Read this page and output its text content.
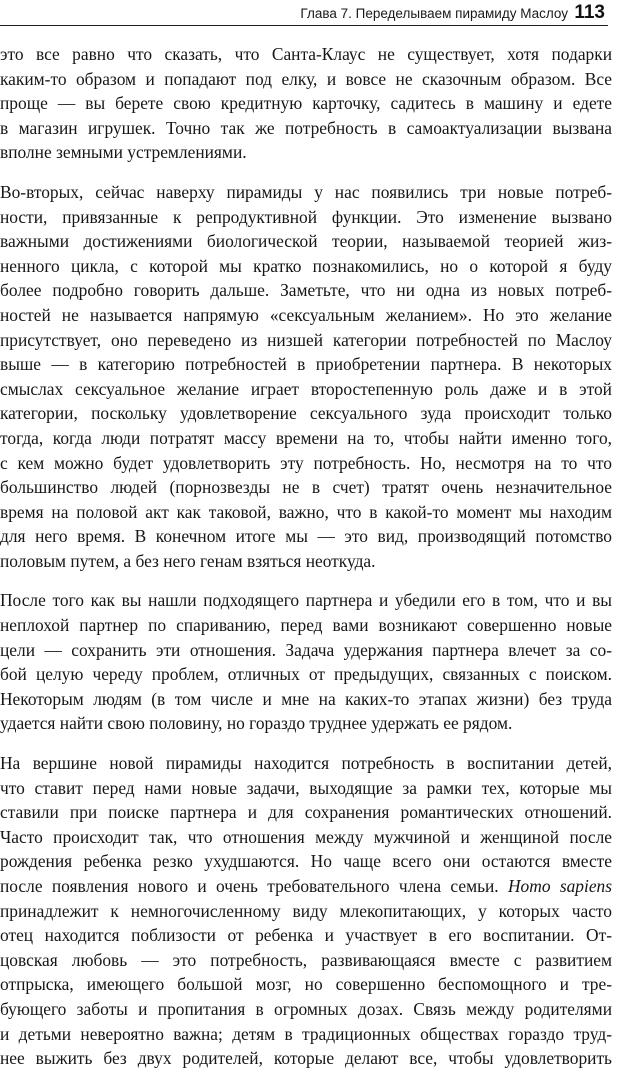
Глава 7. Переделываем пирамиду Маслоу 113

это все равно что сказать, что Санта-Клаус не существует, хотя подарки
каким-то образом и попадают под елку, и вовсе не сказочным образом. Все
проще — вы берете свою кредитную карточку, садитесь в машину и едете
в магазин игрушек. Точно так же потребность в самоактуализации вызвана
вполне земными устремлениями.

Во-вторых, сейчас наверху пирамиды у нас появились три новые потреб-
ности, привязанные к репродуктивной функции. Это изменение вызвано
важными достижениями биологической теории, называемой теорией жиз-
ненного цикла, с которой мы кратко познакомились, но о которой я буду
более подробно говорить дальше. Заметьте, что ни одна из новых потреб-
ностей не называется напрямую «сексуальным желанием». Но это желание
присутствует, оно переведено из низшей категории потребностей по Маслоу
выше — в категорию потребностей в приобретении партнера. В некоторых
смыслах сексуальное желание играет второстепенную роль даже и в этой
категории, поскольку удовлетворение сексуального зуда происходит только
тогда, когда люди потратят массу времени на то, чтобы найти именно того,
с кем можно будет удовлетворить эту потребность. Но, несмотря на то что
большинство людей (порнозвезды не в счет) тратят очень незначительное
время на половой акт как таковой, важно, что в какой-то момент мы находим
для него время. В конечном итоге мы — это вид, производящий потомство
половым путем, а без него генам взяться неоткуда.

После того как вы нашли подходящего партнера и убедили его в том, что и вы
неплохой партнер по спариванию, перед вами возникают совершенно новые
цели — сохранить эти отношения. Задача удержания партнера влечет за со-
бой целую череду проблем, отличных от предыдущих, связанных с поиском.
Некоторым людям (в том числе и мне на каких-то этапах жизни) без труда
удается найти свою половину, но гораздо труднее удержать ее рядом.

На вершине новой пирамиды находится потребность в воспитании детей,
что ставит перед нами новые задачи, выходящие за рамки тех, которые мы
ставили при поиске партнера и для сохранения романтических отношений.
Часто происходит так, что отношения между мужчиной и женщиной после
рождения ребенка резко ухудшаются. Но чаще всего они остаются вместе
после появления нового и очень требовательного члена семьи. Homo sapiens
принадлежит к немногочисленному виду млекопитающих, у которых часто
отец находится поблизости от ребенка и участвует в его воспитании. От-
цовская любовь — это потребность, развивающаяся вместе с развитием
отпрыска, имеющего большой мозг, но совершенно беспомощного и тре-
бующего заботы и пропитания в огромных дозах. Связь между родителями
и детьми невероятно важна; детям в традиционных обществах гораздо труд-
нее выжить без двух родителей, которые делают все, чтобы удовлетворить
